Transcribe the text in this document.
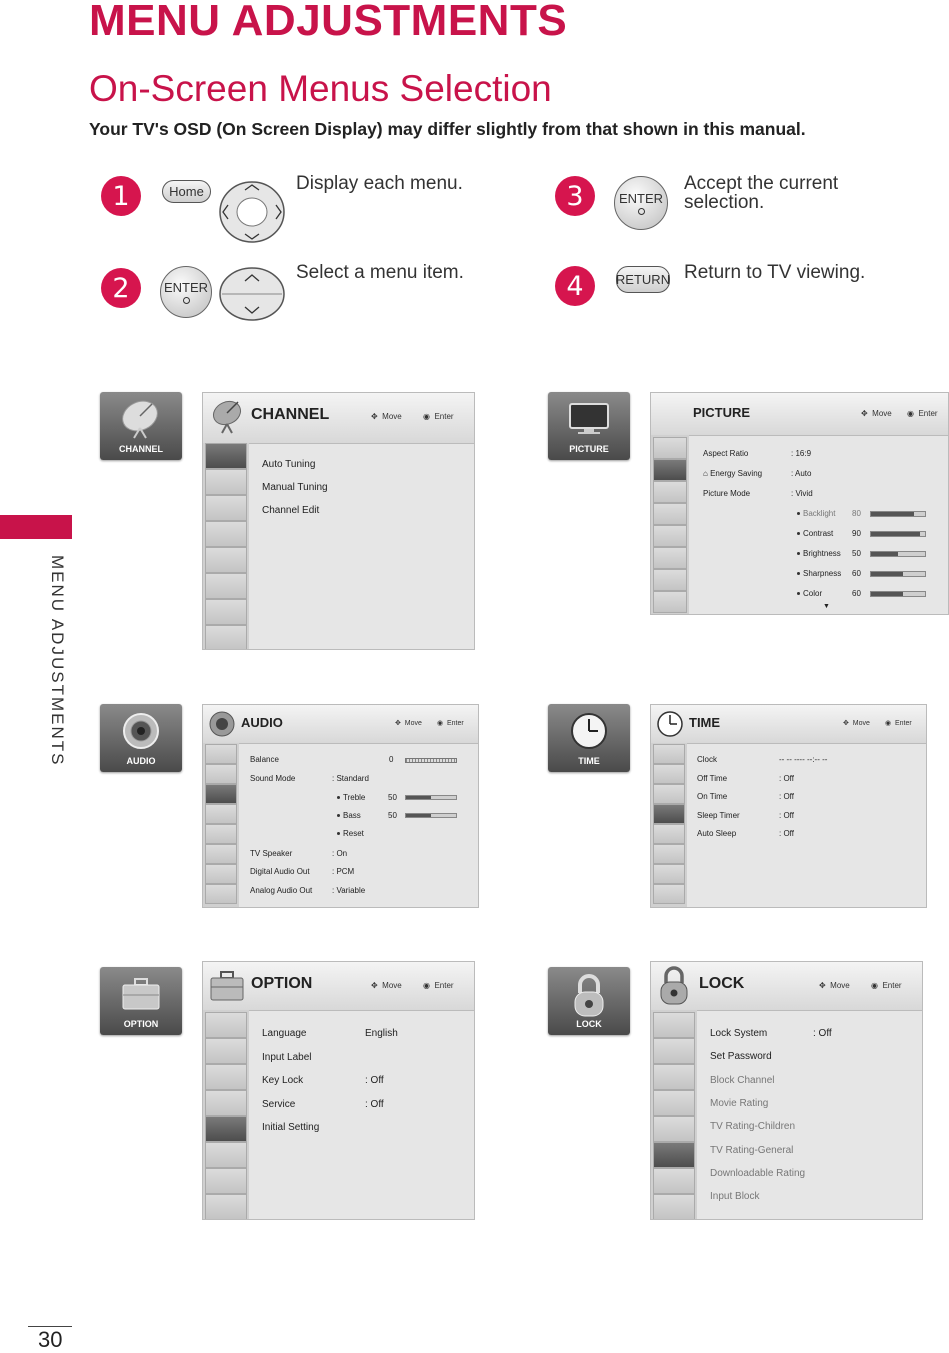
MENU ADJUSTMENTS
On-Screen Menus Selection
Your TV's OSD (On Screen Display) may differ slightly from that shown in this manual.
MENU ADJUSTMENTS
30
1	Home	Display each menu.
2	ENTER
Select a menu item.
3	ENTER
Accept the current
selection.
4	RETURN Return to TV viewing.
CHANNEL	PICTURE
AUDIO	TIME
OPTION	LOCK
CHANNEL	✥ Move	◉ Enter
Auto Tuning
Manual Tuning
Channel Edit
PICTURE	✥ Move ◉ Enter
Aspect Ratio	: 16:9
⌂ Energy Saving	: Auto
Picture Mode	: Vivid
Backlight 80
Contrast 90
Brightness 50
Sharpness 60
Color	60
▼
AUDIO	✥ Move ◉ Enter
Balance	0
Sound Mode	: Standard
Treble	50
Bass	50
Reset
TV Speaker	: On
Digital Audio Out	: PCM
Analog Audio Out : Variable
TIME	✥ Move ◉ Enter
Clock	-- -- ---- --:-- --
Off Time	: Off
On Time	: Off
Sleep Timer	: Off
Auto Sleep	: Off
OPTION	✥ Move	◉ Enter
Language	English
Input Label
Key Lock	: Off
Service	: Off
Initial Setting
LOCK	✥ Move	◉ Enter
Lock System	: Off
Set Password
Block Channel
Movie Rating
TV Rating-Children
TV Rating-General
Downloadable Rating
Input Block
